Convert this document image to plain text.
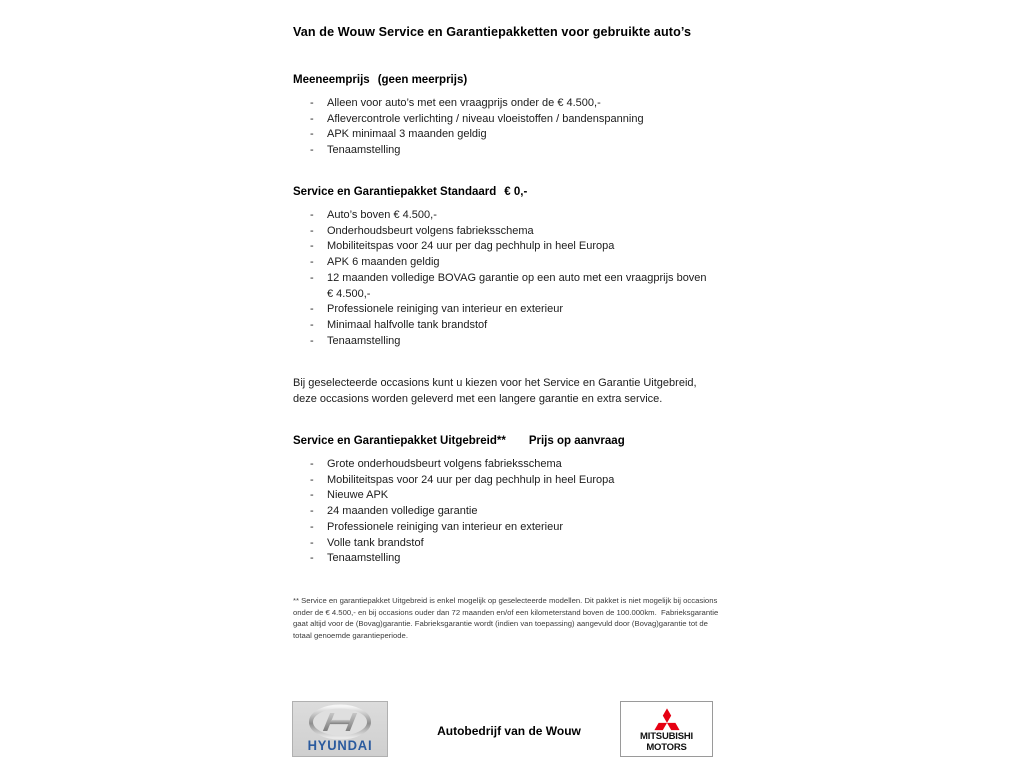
Van de Wouw Service en Garantiepakketten voor gebruikte auto’s
Meeneemprijs (geen meerprijs)
- Alleen voor auto’s met een vraagprijs onder de € 4.500,-
- Aflevercontrole verlichting / niveau vloeistoffen / bandenspanning
- APK minimaal 3 maanden geldig
- Tenaamstelling
Service en Garantiepakket Standaard € 0,-
- Auto’s boven € 4.500,-
- Onderhoudsbeurt volgens fabrieksschema
- Mobiliteitspas voor 24 uur per dag pechhulp in heel Europa
- APK 6 maanden geldig
- 12 maanden volledige BOVAG garantie op een auto met een vraagprijs boven € 4.500,-
- Professionele reiniging van interieur en exterieur
- Minimaal halfvolle tank brandstof
- Tenaamstelling
Bij geselecteerde occasions kunt u kiezen voor het Service en Garantie Uitgebreid, deze occasions worden geleverd met een langere garantie en extra service.
Service en Garantiepakket Uitgebreid** Prijs op aanvraag
- Grote onderhoudsbeurt volgens fabrieksschema
- Mobiliteitspas voor 24 uur per dag pechhulp in heel Europa
- Nieuwe APK
- 24 maanden volledige garantie
- Professionele reiniging van interieur en exterieur
- Volle tank brandstof
- Tenaamstelling
** Service en garantiepakket Uitgebreid is enkel mogelijk op geselecteerde modellen. Dit pakket is niet mogelijk bij occasions onder de € 4.500,- en bij occasions ouder dan 72 maanden en/of een kilometerstand boven de 100.000km.  Fabrieksgarantie gaat altijd voor de (Bovag)garantie. Fabrieksgarantie wordt (indien van toepassing) aangevuld door (Bovag)garantie tot de totaal genoemde garantieperiode.
HYUNDAI
Autobedrijf van de Wouw	MITSUBISHI
MOTORS
